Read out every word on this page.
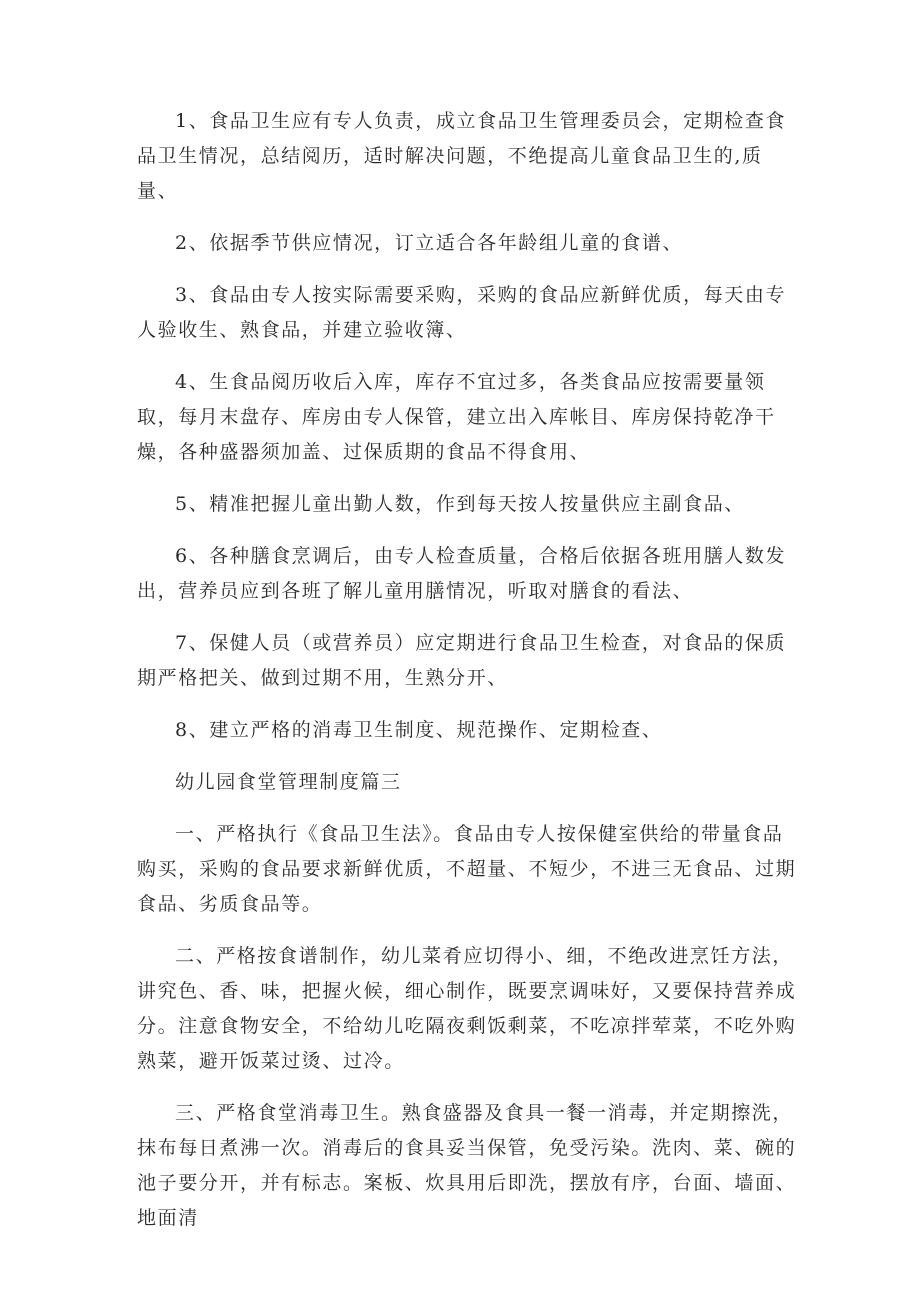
1、食品卫生应有专人负责，成立食品卫生管理委员会，定期检查食品卫生情况，总结阅历，适时解决问题，不绝提高儿童食品卫生的,质量、

2、依据季节供应情况，订立适合各年龄组儿童的食谱、

3、食品由专人按实际需要采购，采购的食品应新鲜优质，每天由专人验收生、熟食品，并建立验收簿、

4、生食品阅历收后入库，库存不宜过多，各类食品应按需要量领取，每月末盘存、库房由专人保管，建立出入库帐目、库房保持乾净干燥，各种盛器须加盖、过保质期的食品不得食用、

5、精准把握儿童出勤人数，作到每天按人按量供应主副食品、

6、各种膳食烹调后，由专人检查质量，合格后依据各班用膳人数发出，营养员应到各班了解儿童用膳情况，听取对膳食的看法、

7、保健人员（或营养员）应定期进行食品卫生检查，对食品的保质期严格把关、做到过期不用，生熟分开、

8、建立严格的消毒卫生制度、规范操作、定期检查、

幼儿园食堂管理制度篇三

一、严格执行《食品卫生法》。食品由专人按保健室供给的带量食品购买，采购的食品要求新鲜优质，不超量、不短少，不进三无食品、过期食品、劣质食品等。

二、严格按食谱制作，幼儿菜肴应切得小、细，不绝改进烹饪方法，讲究色、香、味，把握火候，细心制作，既要烹调味好，又要保持营养成分。注意食物安全，不给幼儿吃隔夜剩饭剩菜，不吃凉拌荤菜，不吃外购熟菜，避开饭菜过烫、过冷。

三、严格食堂消毒卫生。熟食盛器及食具一餐一消毒，并定期擦洗，抹布每日煮沸一次。消毒后的食具妥当保管，免受污染。洗肉、菜、碗的池子要分开，并有标志。案板、炊具用后即洗，摆放有序，台面、墙面、地面清
